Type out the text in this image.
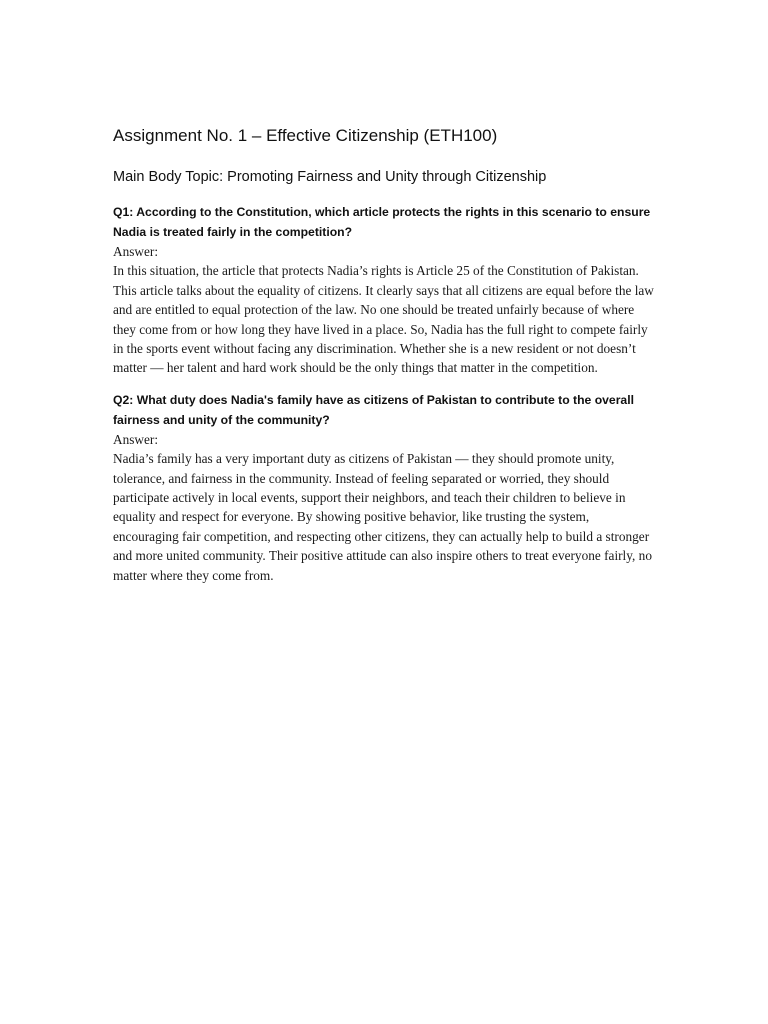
Assignment No. 1 – Effective Citizenship (ETH100)
Main Body Topic: Promoting Fairness and Unity through Citizenship

Q1: According to the Constitution, which article protects the rights in this scenario to ensure Nadia is treated fairly in the competition?

Answer:

In this situation, the article that protects Nadia’s rights is Article 25 of the Constitution of Pakistan. This article talks about the equality of citizens. It clearly says that all citizens are equal before the law and are entitled to equal protection of the law. No one should be treated unfairly because of where they come from or how long they have lived in a place. So, Nadia has the full right to compete fairly in the sports event without facing any discrimination. Whether she is a new resident or not doesn’t matter — her talent and hard work should be the only things that matter in the competition.

Q2: What duty does Nadia's family have as citizens of Pakistan to contribute to the overall fairness and unity of the community?

Answer:

Nadia’s family has a very important duty as citizens of Pakistan — they should promote unity, tolerance, and fairness in the community. Instead of feeling separated or worried, they should participate actively in local events, support their neighbors, and teach their children to believe in equality and respect for everyone. By showing positive behavior, like trusting the system, encouraging fair competition, and respecting other citizens, they can actually help to build a stronger and more united community. Their positive attitude can also inspire others to treat everyone fairly, no matter where they come from.
